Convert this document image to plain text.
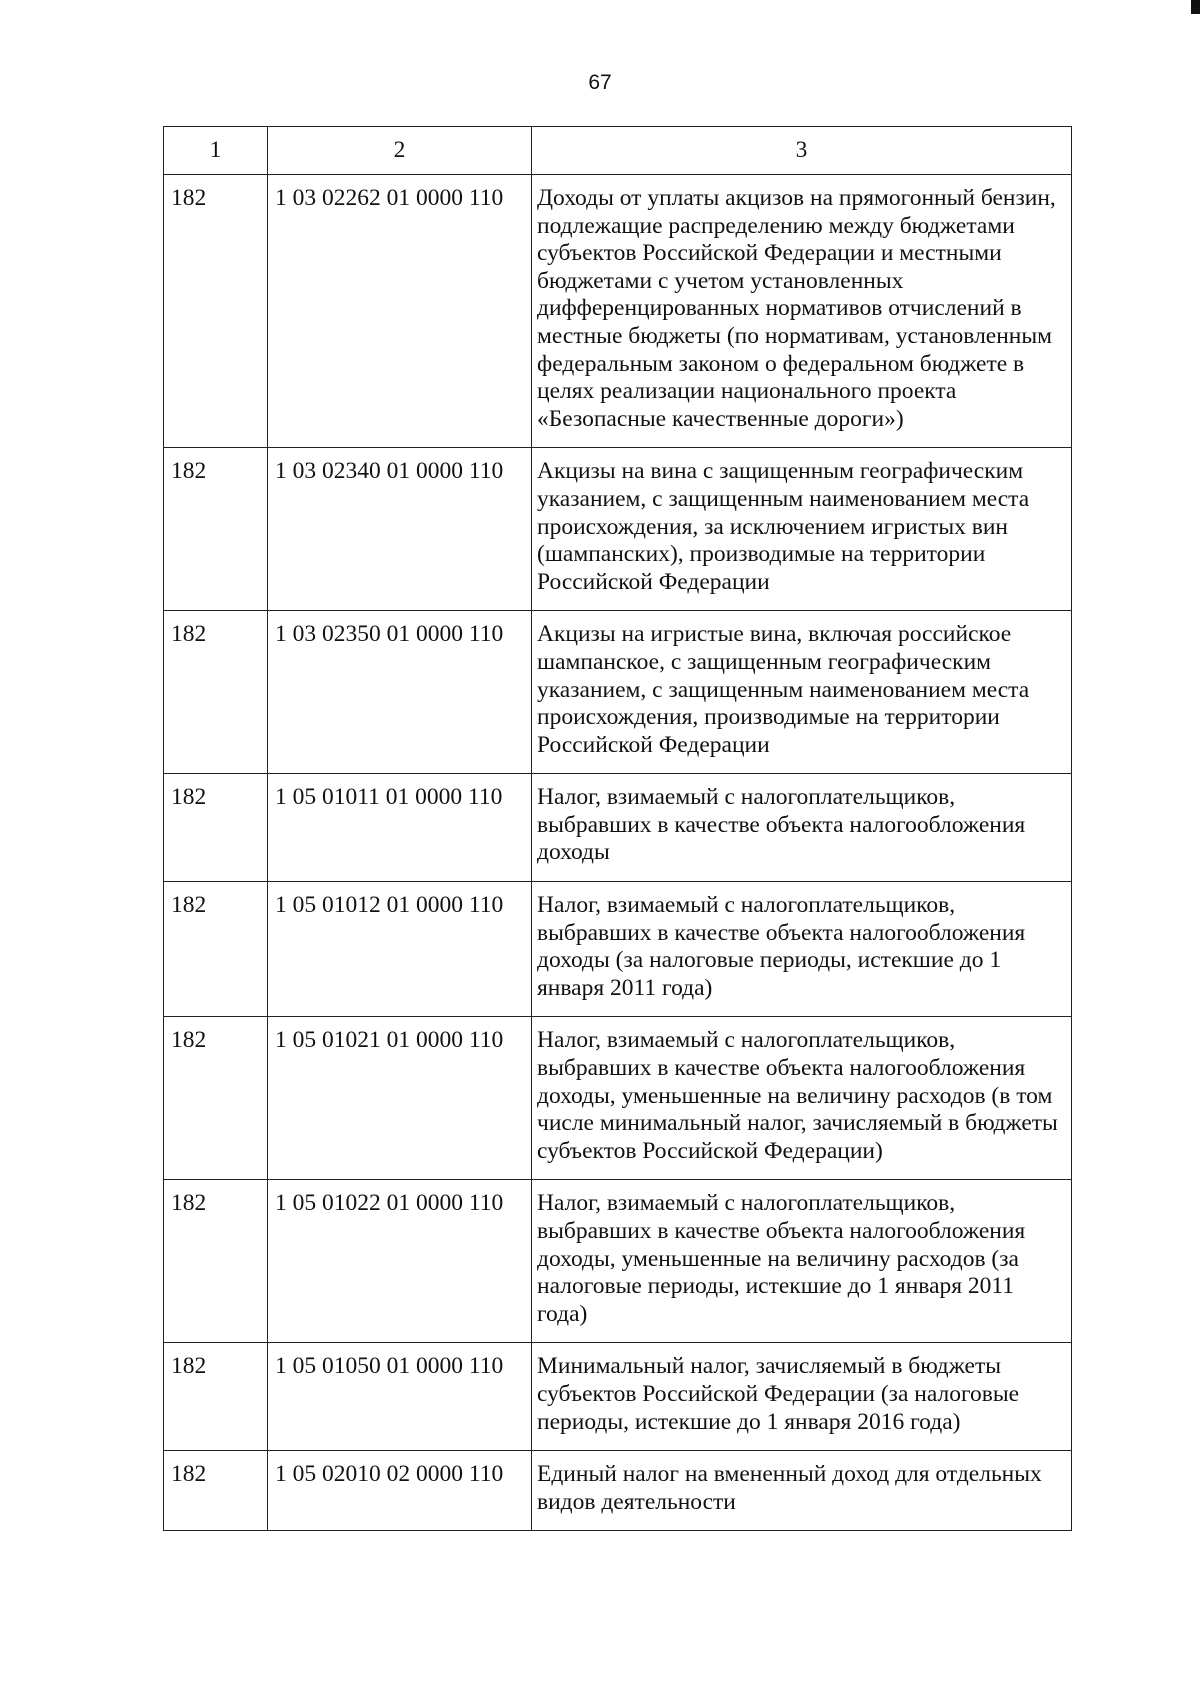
67
1	2	3
182	1 03 02262 01 0000 110	Доходы от уплаты акцизов на прямогонный бензин, подлежащие распределению между бюджетами субъектов Российской Федерации и местными бюджетами с учетом установленных дифференцированных нормативов отчислений в местные бюджеты (по нормативам, установленным федеральным законом о федеральном бюджете в целях реализации национального проекта «Безопасные качественные дороги»)
182	1 03 02340 01 0000 110	Акцизы на вина с защищенным географическим указанием, с защищенным наименованием места происхождения, за исключением игристых вин (шампанских), производимые на территории Российской Федерации
182	1 03 02350 01 0000 110	Акцизы на игристые вина, включая российское шампанское, с защищенным географическим указанием, с защищенным наименованием места происхождения, производимые на территории Российской Федерации
182	1 05 01011 01 0000 110	Налог, взимаемый с налогоплательщиков, выбравших в качестве объекта налогообложения доходы
182	1 05 01012 01 0000 110	Налог, взимаемый с налогоплательщиков, выбравших в качестве объекта налогообложения доходы (за налоговые периоды, истекшие до 1 января 2011 года)
182	1 05 01021 01 0000 110	Налог, взимаемый с налогоплательщиков, выбравших в качестве объекта налогообложения доходы, уменьшенные на величину расходов (в том числе минимальный налог, зачисляемый в бюджеты субъектов Российской Федерации)
182	1 05 01022 01 0000 110	Налог, взимаемый с налогоплательщиков, выбравших в качестве объекта налогообложения доходы, уменьшенные на величину расходов (за налоговые периоды, истекшие до 1 января 2011 года)
182	1 05 01050 01 0000 110	Минимальный налог, зачисляемый в бюджеты субъектов Российской Федерации (за налоговые периоды, истекшие до 1 января 2016 года)
182	1 05 02010 02 0000 110	Единый налог на вмененный доход для отдельных видов деятельности
